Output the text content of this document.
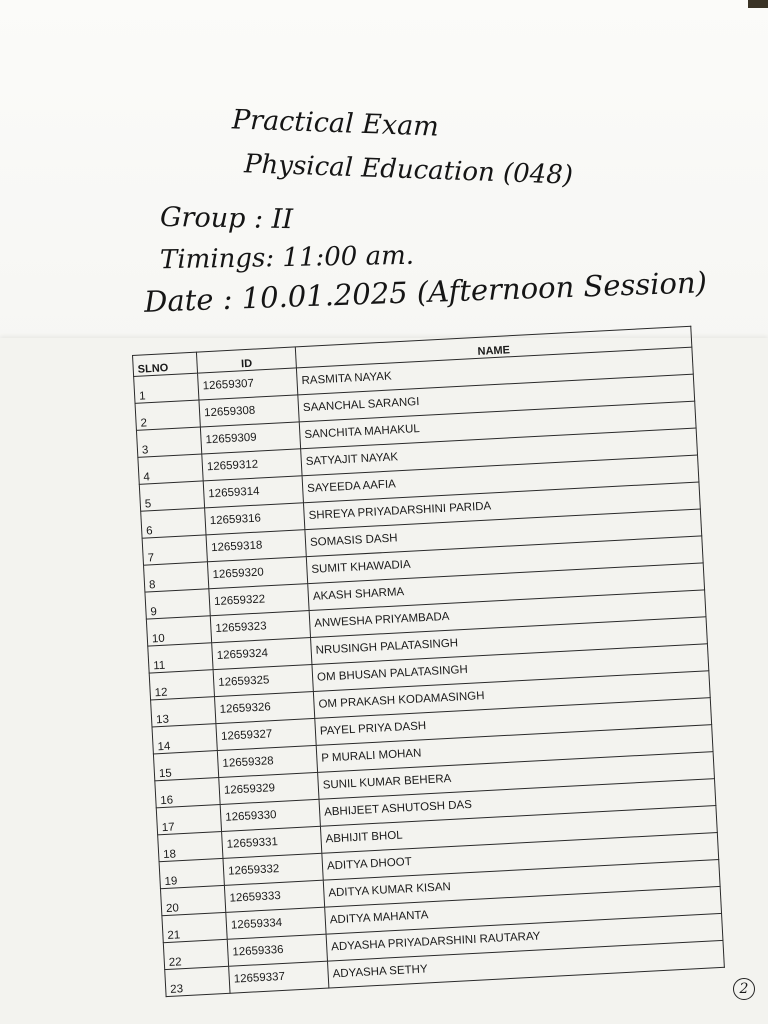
Practical Exam
Physical Education (048)
Group : II
Timings: 11:00 am.
Date : 10.01.2025 (Afternoon Session)
SLNO	ID	NAME
1	12659307	RASMITA NAYAK
2	12659308	SAANCHAL SARANGI
3	12659309	SANCHITA MAHAKUL
4	12659312	SATYAJIT NAYAK
5	12659314	SAYEEDA AAFIA
6	12659316	SHREYA PRIYADARSHINI PARIDA
7	12659318	SOMASIS DASH
8	12659320	SUMIT KHAWADIA
9	12659322	AKASH SHARMA
10	12659323	ANWESHA PRIYAMBADA
11	12659324	NRUSINGH PALATASINGH
12	12659325	OM BHUSAN PALATASINGH
13	12659326	OM PRAKASH KODAMASINGH
14	12659327	PAYEL PRIYA DASH
15	12659328	P MURALI MOHAN
16	12659329	SUNIL KUMAR BEHERA
17	12659330	ABHIJEET ASHUTOSH DAS
18	12659331	ABHIJIT BHOL
19	12659332	ADITYA DHOOT
20	12659333	ADITYA KUMAR KISAN
21	12659334	ADITYA MAHANTA
22	12659336	ADYASHA PRIYADARSHINI RAUTARAY
23	12659337	ADYASHA SETHY
2
